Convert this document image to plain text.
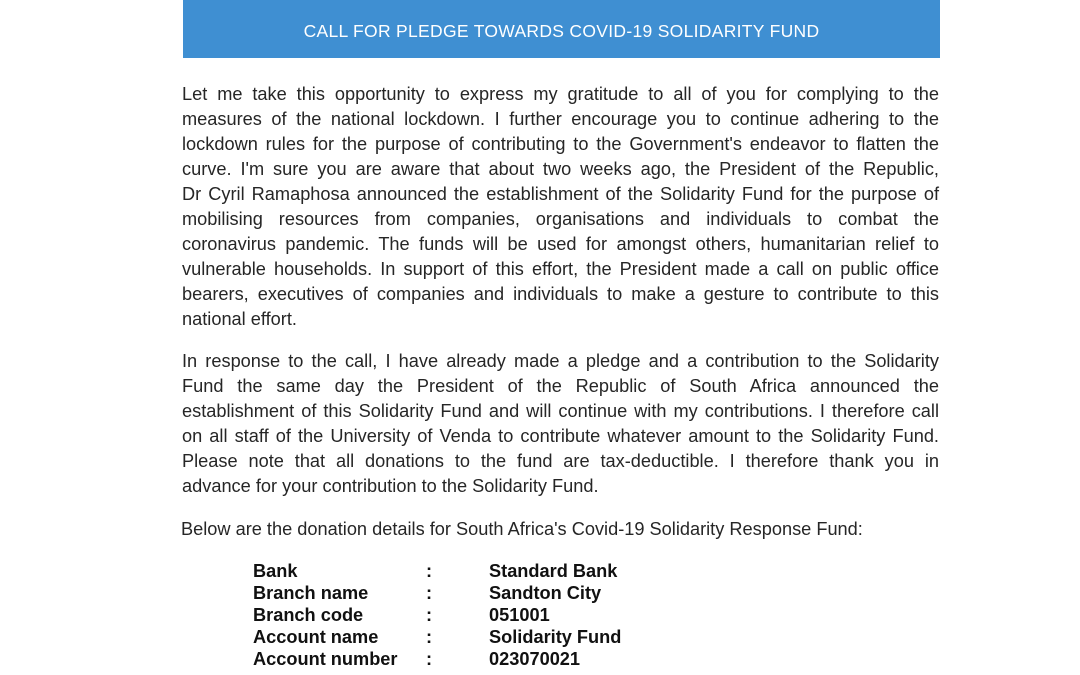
CALL FOR PLEDGE TOWARDS COVID-19 SOLIDARITY FUND
Let me take this opportunity to express my gratitude to all of you for complying to the
measures of the national lockdown. I further encourage you to continue adhering to the
lockdown rules for the purpose of contributing to the Government's endeavor to flatten the
curve. I'm sure you are aware that about two weeks ago, the President of the Republic,
Dr Cyril Ramaphosa announced the establishment of the Solidarity Fund for the purpose of
mobilising resources from companies, organisations and individuals to combat the
coronavirus pandemic. The funds will be used for amongst others, humanitarian relief to
vulnerable households. In support of this effort, the President made a call on public office
bearers, executives of companies and individuals to make a gesture to contribute to this
national effort.
In response to the call, I have already made a pledge and a contribution to the Solidarity
Fund the same day the President of the Republic of South Africa announced the
establishment of this Solidarity Fund and will continue with my contributions. I therefore call
on all staff of the University of Venda to contribute whatever amount to the Solidarity Fund.
Please note that all donations to the fund are tax-deductible. I therefore thank you in
advance for your contribution to the Solidarity Fund.
Below are the donation details for South Africa's Covid-19 Solidarity Response Fund:
Bank	:	Standard Bank
Branch name	:	Sandton City
Branch code	:	051001
Account name	:	Solidarity Fund
Account number :	023070021
